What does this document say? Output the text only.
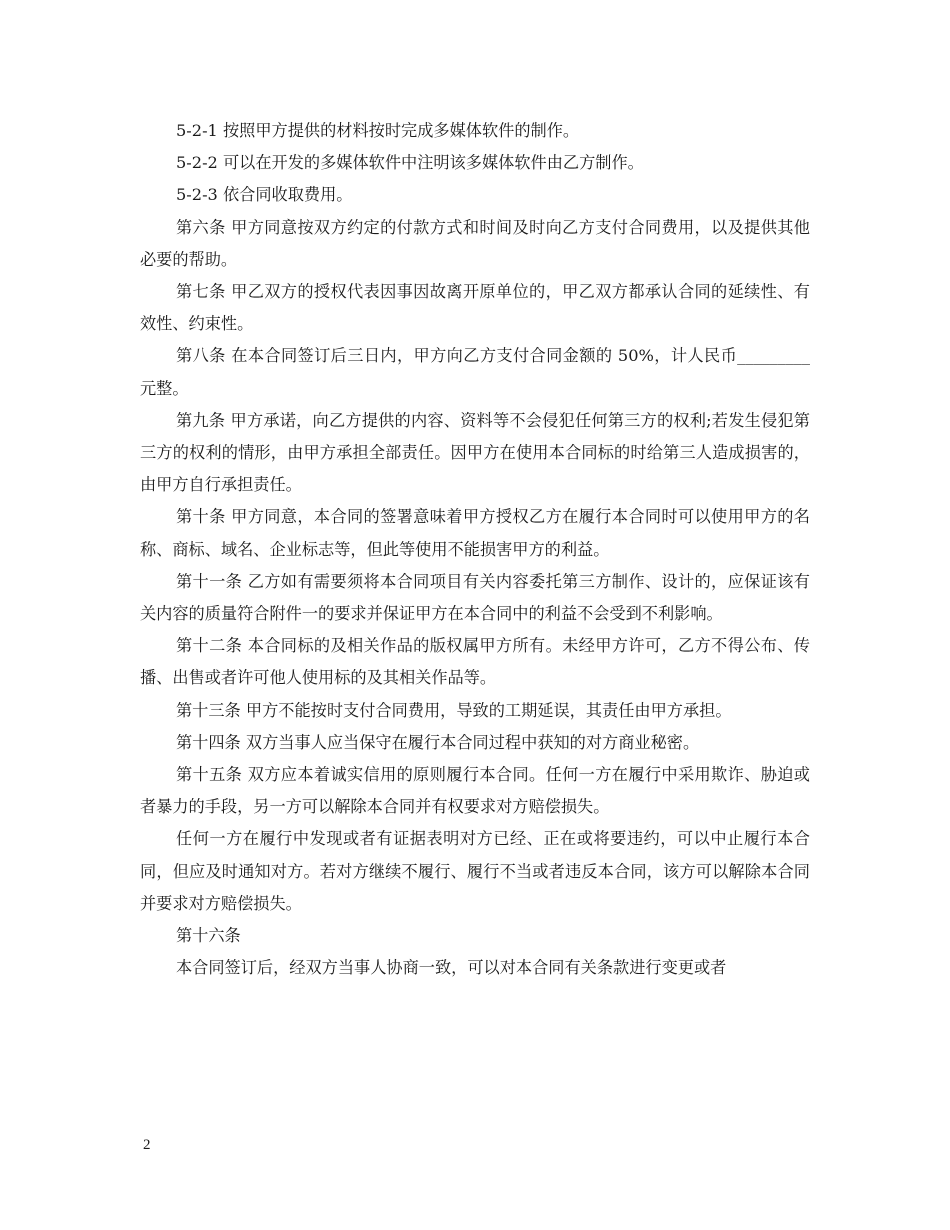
5-2-1 按照甲方提供的材料按时完成多媒体软件的制作。

5-2-2 可以在开发的多媒体软件中注明该多媒体软件由乙方制作。

5-2-3 依合同收取费用。

第六条 甲方同意按双方约定的付款方式和时间及时向乙方支付合同费用，以及提供其他必要的帮助。

第七条 甲乙双方的授权代表因事因故离开原单位的，甲乙双方都承认合同的延续性、有效性、约束性。

第八条 在本合同签订后三日内，甲方向乙方支付合同金额的 50%，计人民币_________元整。

第九条 甲方承诺，向乙方提供的内容、资料等不会侵犯任何第三方的权利;若发生侵犯第三方的权利的情形，由甲方承担全部责任。因甲方在使用本合同标的时给第三人造成损害的，由甲方自行承担责任。

第十条 甲方同意，本合同的签署意味着甲方授权乙方在履行本合同时可以使用甲方的名称、商标、域名、企业标志等，但此等使用不能损害甲方的利益。

第十一条 乙方如有需要须将本合同项目有关内容委托第三方制作、设计的，应保证该有关内容的质量符合附件一的要求并保证甲方在本合同中的利益不会受到不利影响。

第十二条 本合同标的及相关作品的版权属甲方所有。未经甲方许可，乙方不得公布、传播、出售或者许可他人使用标的及其相关作品等。

第十三条 甲方不能按时支付合同费用，导致的工期延误，其责任由甲方承担。

第十四条 双方当事人应当保守在履行本合同过程中获知的对方商业秘密。

第十五条 双方应本着诚实信用的原则履行本合同。任何一方在履行中采用欺诈、胁迫或者暴力的手段，另一方可以解除本合同并有权要求对方赔偿损失。

任何一方在履行中发现或者有证据表明对方已经、正在或将要违约，可以中止履行本合同，但应及时通知对方。若对方继续不履行、履行不当或者违反本合同，该方可以解除本合同并要求对方赔偿损失。

第十六条

本合同签订后，经双方当事人协商一致，可以对本合同有关条款进行变更或者

2
